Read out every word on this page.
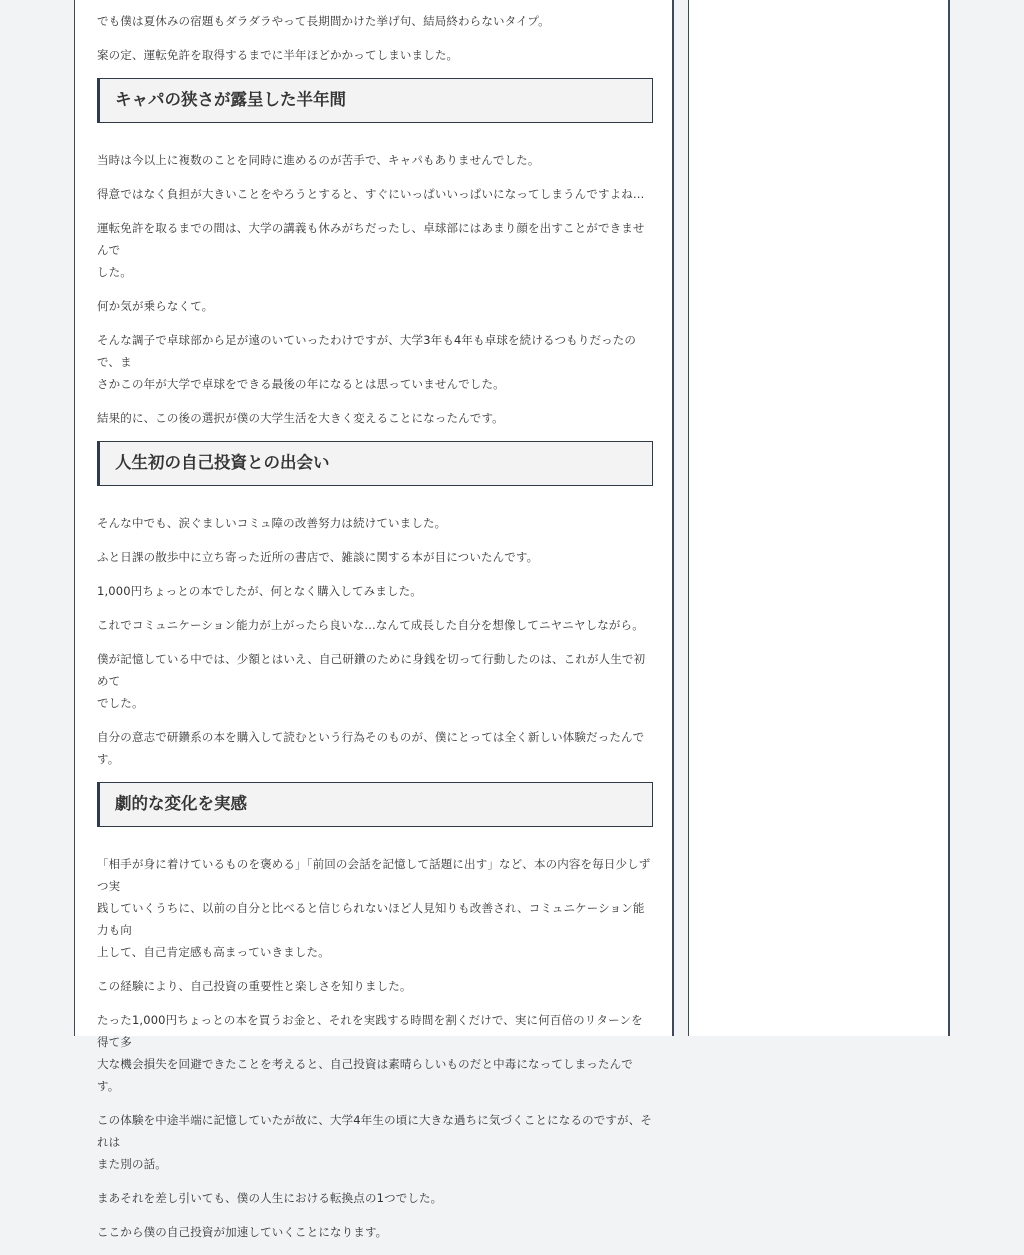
でも僕は夏休みの宿題もダラダラやって長期間かけた挙げ句、結局終わらないタイプ。

案の定、運転免許を取得するまでに半年ほどかかってしまいました。

キャパの狭さが露呈した半年間

当時は今以上に複数のことを同時に進めるのが苦手で、キャパもありませんでした。

得意ではなく負担が大きいことをやろうとすると、すぐにいっぱいいっぱいになってしまうんですよね…

運転免許を取るまでの間は、大学の講義も休みがちだったし、卓球部にはあまり顔を出すことができませんで
した。

何か気が乗らなくて。

そんな調子で卓球部から足が遠のいていったわけですが、大学3年も4年も卓球を続けるつもりだったので、ま
さかこの年が大学で卓球をできる最後の年になるとは思っていませんでした。

結果的に、この後の選択が僕の大学生活を大きく変えることになったんです。

人生初の自己投資との出会い

そんな中でも、涙ぐましいコミュ障の改善努力は続けていました。

ふと日課の散歩中に立ち寄った近所の書店で、雑談に関する本が目についたんです。

1,000円ちょっとの本でしたが、何となく購入してみました。

これでコミュニケーション能力が上がったら良いな…なんて成長した自分を想像してニヤニヤしながら。

僕が記憶している中では、少額とはいえ、自己研鑽のために身銭を切って行動したのは、これが人生で初めて
でした。

自分の意志で研鑽系の本を購入して読むという行為そのものが、僕にとっては全く新しい体験だったんです。

劇的な変化を実感

「相手が身に着けているものを褒める」「前回の会話を記憶して話題に出す」など、本の内容を毎日少しずつ実
践していくうちに、以前の自分と比べると信じられないほど人見知りも改善され、コミュニケーション能力も向
上して、自己肯定感も高まっていきました。

この経験により、自己投資の重要性と楽しさを知りました。

たった1,000円ちょっとの本を買うお金と、それを実践する時間を割くだけで、実に何百倍のリターンを得て多
大な機会損失を回避できたことを考えると、自己投資は素晴らしいものだと中毒になってしまったんです。

この体験を中途半端に記憶していたが故に、大学4年生の頃に大きな過ちに気づくことになるのですが、それは
また別の話。

まあそれを差し引いても、僕の人生における転換点の1つでした。

ここから僕の自己投資が加速していくことになります。
